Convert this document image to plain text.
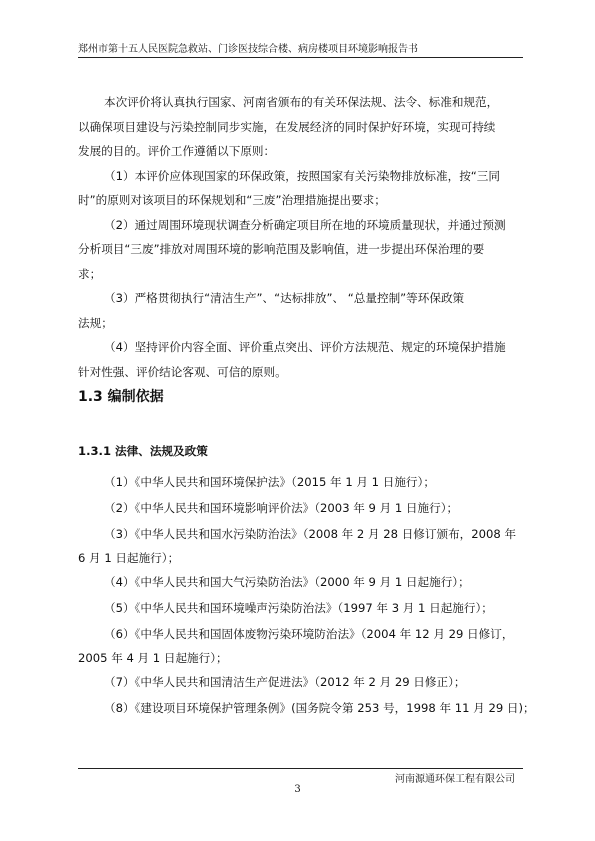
郑州市第十五人民医院急救站、门诊医技综合楼、病房楼项目环境影响报告书
本次评价将认真执行国家、河南省颁布的有关环保法规、法令、标准和规范，
以确保项目建设与污染控制同步实施，在发展经济的同时保护好环境，实现可持续
发展的目的。评价工作遵循以下原则：
（1）本评价应体现国家的环保政策，按照国家有关污染物排放标准，按“三同
时”的原则对该项目的环保规划和“三废”治理措施提出要求；
（2）通过周围环境现状调查分析确定项目所在地的环境质量现状，并通过预测
分析项目“三废”排放对周围环境的影响范围及影响值，进一步提出环保治理的要
求；
（3）严格贯彻执行“清洁生产”、“达标排放”、 “总量控制”等环保政策
法规；
（4）坚持评价内容全面、评价重点突出、评价方法规范、规定的环境保护措施
1.3 编制依据
1.3.1 法律、法规及政策
（1）《中华人民共和国环境保护法》（2015 年 1 月 1 日施行）；
（2）《中华人民共和国环境影响评价法》（2003 年 9 月 1 日施行）；
（3）《中华人民共和国水污染防治法》（2008 年 2 月 28 日修订颁布，2008 年
6 月 1 日起施行）；
（4）《中华人民共和国大气污染防治法》（2000 年 9 月 1 日起施行）；
（5）《中华人民共和国环境噪声污染防治法》（1997 年 3 月 1 日起施行）；
（6）《中华人民共和国固体废物污染环境防治法》（2004 年 12 月 29 日修订，
2005 年 4 月 1 日起施行）；
（7）《中华人民共和国清洁生产促进法》（2012 年 2 月 29 日修正）；
（8）《建设项目环境保护管理条例》(国务院令第 253 号，1998 年 11 月 29 日)；
河南源通环保工程有限公司
3
针对性强、评价结论客观、可信的原则。
